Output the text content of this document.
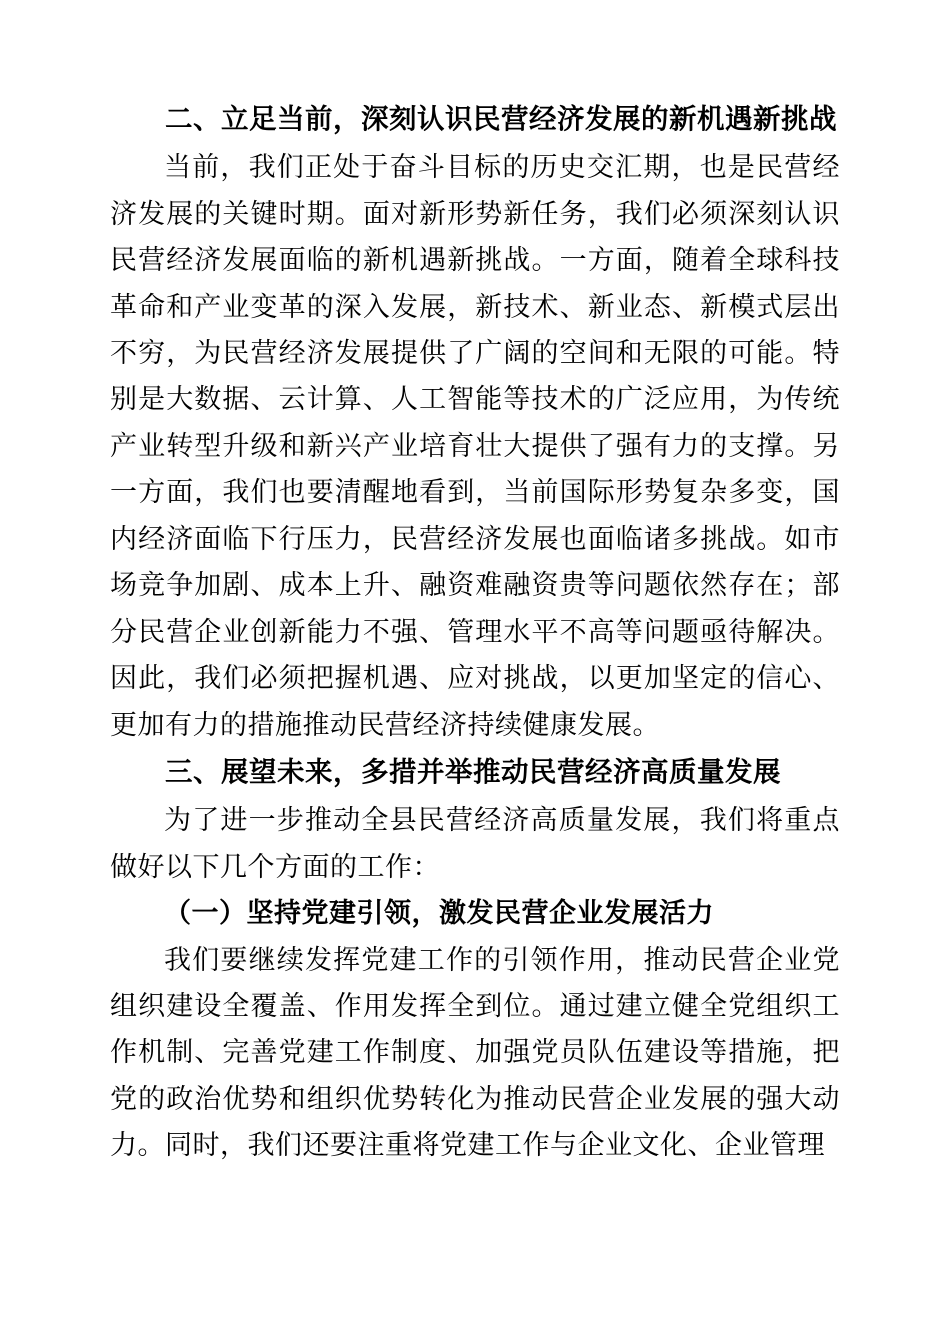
二、立足当前，深刻认识民营经济发展的新机遇新挑战

当前，我们正处于奋斗目标的历史交汇期，也是民营经济发展的关键时期。面对新形势新任务，我们必须深刻认识民营经济发展面临的新机遇新挑战。一方面，随着全球科技革命和产业变革的深入发展，新技术、新业态、新模式层出不穷，为民营经济发展提供了广阔的空间和无限的可能。特别是大数据、云计算、人工智能等技术的广泛应用，为传统产业转型升级和新兴产业培育壮大提供了强有力的支撑。另一方面，我们也要清醒地看到，当前国际形势复杂多变，国内经济面临下行压力，民营经济发展也面临诸多挑战。如市场竞争加剧、成本上升、融资难融资贵等问题依然存在；部分民营企业创新能力不强、管理水平不高等问题亟待解决。因此，我们必须把握机遇、应对挑战，以更加坚定的信心、更加有力的措施推动民营经济持续健康发展。

三、展望未来，多措并举推动民营经济高质量发展

为了进一步推动全县民营经济高质量发展，我们将重点做好以下几个方面的工作：

（一）坚持党建引领，激发民营企业发展活力

我们要继续发挥党建工作的引领作用，推动民营企业党组织建设全覆盖、作用发挥全到位。通过建立健全党组织工作机制、完善党建工作制度、加强党员队伍建设等措施，把党的政治优势和组织优势转化为推动民营企业发展的强大动力。同时，我们还要注重将党建工作与企业文化、企业管理
